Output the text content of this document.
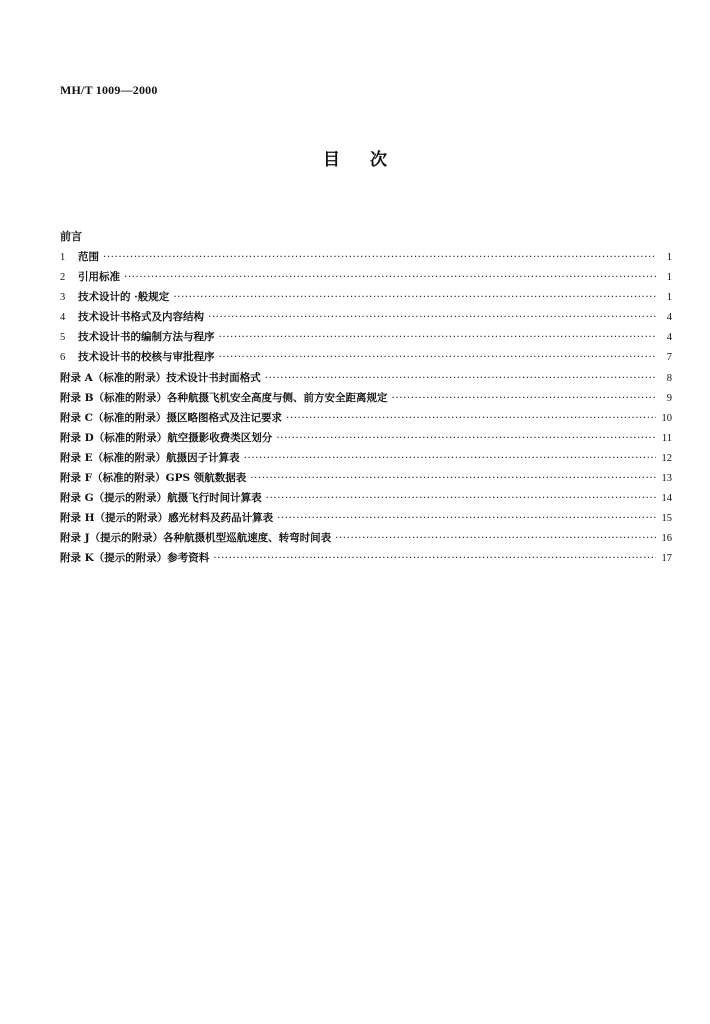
MH/T 1009—2000
目 次
前言
1	范围 ·····	1
2	引用标准 ·····	1
3	技术设计的 ·般规定 ·····	1
4	技术设计书格式及内容结构 ·····	4
5	技术设计书的编制方法与程序 ·····	4
6	技术设计书的校核与审批程序 ·····	7
附录 A（标准的附录）技术设计书封面格式 ·····	8
附录 B（标准的附录）各种航摄飞机安全高度与侧、前方安全距离规定 ·····	9
附录 C（标准的附录）摄区略图格式及注记要求 ·····	10
附录 D（标准的附录）航空摄影收费类区划分 ·····	11
附录 E（标准的附录）航摄因子计算表 ·····	12
附录 F（标准的附录）GPS 领航数据表 ·····	13
附录 G（提示的附录）航摄飞行时间计算表 ·····	14
附录 H（提示的附录）感光材料及药品计算表 ·····	15
附录 J（提示的附录）各种航摄机型巡航速度、转弯时间表 ·····	16
附录 K（提示的附录）参考资料 ·····	17
